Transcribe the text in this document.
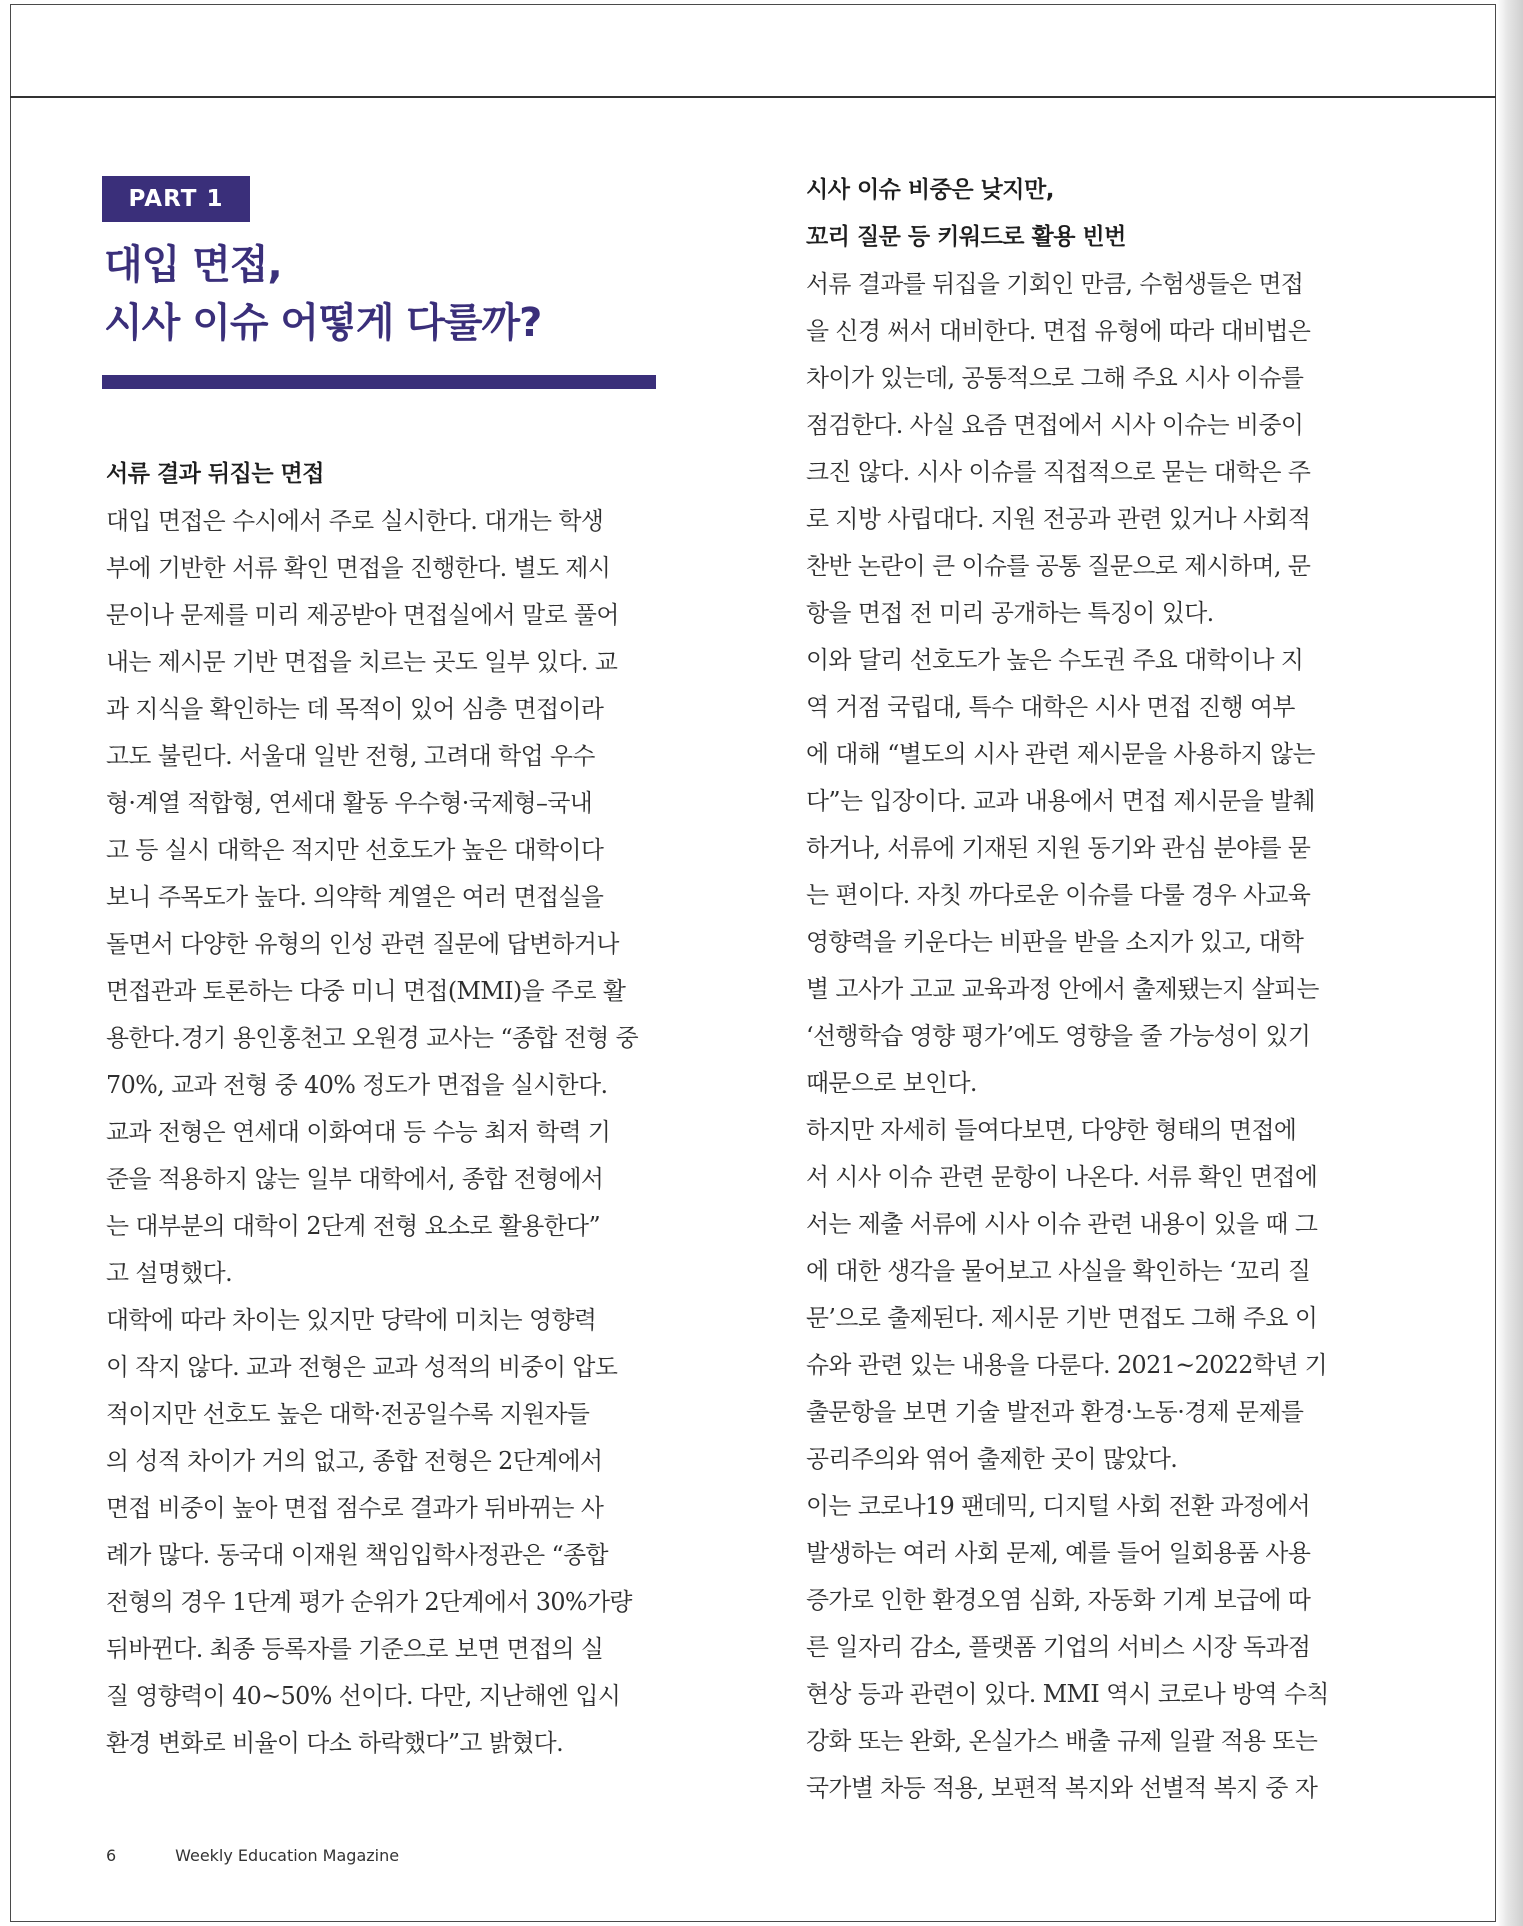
PART 1
대입 면접,
시사 이슈 어떻게 다룰까?
서류 결과 뒤집는 면접
대입 면접은 수시에서 주로 실시한다. 대개는 학생부에 기반한 서류 확인 면접을 진행한다. 별도 제시문이나 문제를 미리 제공받아 면접실에서 말로 풀어내는 제시문 기반 면접을 치르는 곳도 일부 있다. 교과 지식을 확인하는 데 목적이 있어 심층 면접이라고도 불린다. 서울대 일반 전형, 고려대 학업 우수형·계열 적합형, 연세대 활동 우수형·국제형–국내고 등 실시 대학은 적지만 선호도가 높은 대학이다보니 주목도가 높다. 의약학 계열은 여러 면접실을돌면서 다양한 유형의 인성 관련 질문에 답변하거나면접관과 토론하는 다중 미니 면접(MMI)을 주로 활용한다.경기 용인홍천고 오원경 교사는 “종합 전형 중70%, 교과 전형 중 40% 정도가 면접을 실시한다.교과 전형은 연세대 이화여대 등 수능 최저 학력 기준을 적용하지 않는 일부 대학에서, 종합 전형에서는 대부분의 대학이 2단계 전형 요소로 활용한다”고 설명했다.대학에 따라 차이는 있지만 당락에 미치는 영향력이 작지 않다. 교과 전형은 교과 성적의 비중이 압도적이지만 선호도 높은 대학·전공일수록 지원자들의 성적 차이가 거의 없고, 종합 전형은 2단계에서면접 비중이 높아 면접 점수로 결과가 뒤바뀌는 사례가 많다. 동국대 이재원 책임입학사정관은 “종합전형의 경우 1단계 평가 순위가 2단계에서 30%가량뒤바뀐다. 최종 등록자를 기준으로 보면 면접의 실질 영향력이 40~50% 선이다. 다만, 지난해엔 입시환경 변화로 비율이 다소 하락했다”고 밝혔다.
시사 이슈 비중은 낮지만,
꼬리 질문 등 키워드로 활용 빈번
서류 결과를 뒤집을 기회인 만큼, 수험생들은 면접을 신경 써서 대비한다. 면접 유형에 따라 대비법은차이가 있는데, 공통적으로 그해 주요 시사 이슈를점검한다. 사실 요즘 면접에서 시사 이슈는 비중이크진 않다. 시사 이슈를 직접적으로 묻는 대학은 주로 지방 사립대다. 지원 전공과 관련 있거나 사회적찬반 논란이 큰 이슈를 공통 질문으로 제시하며, 문항을 면접 전 미리 공개하는 특징이 있다.이와 달리 선호도가 높은 수도권 주요 대학이나 지역 거점 국립대, 특수 대학은 시사 면접 진행 여부에 대해 “별도의 시사 관련 제시문을 사용하지 않는다”는 입장이다. 교과 내용에서 면접 제시문을 발췌하거나, 서류에 기재된 지원 동기와 관심 분야를 묻는 편이다. 자칫 까다로운 이슈를 다룰 경우 사교육영향력을 키운다는 비판을 받을 소지가 있고, 대학별 고사가 고교 교육과정 안에서 출제됐는지 살피는‘선행학습 영향 평가’에도 영향을 줄 가능성이 있기때문으로 보인다.하지만 자세히 들여다보면, 다양한 형태의 면접에서 시사 이슈 관련 문항이 나온다. 서류 확인 면접에서는 제출 서류에 시사 이슈 관련 내용이 있을 때 그에 대한 생각을 물어보고 사실을 확인하는 ‘꼬리 질문’으로 출제된다. 제시문 기반 면접도 그해 주요 이슈와 관련 있는 내용을 다룬다. 2021~2022학년 기출문항을 보면 기술 발전과 환경·노동·경제 문제를공리주의와 엮어 출제한 곳이 많았다.이는 코로나19 팬데믹, 디지털 사회 전환 과정에서발생하는 여러 사회 문제, 예를 들어 일회용품 사용증가로 인한 환경오염 심화, 자동화 기계 보급에 따른 일자리 감소, 플랫폼 기업의 서비스 시장 독과점현상 등과 관련이 있다. MMI 역시 코로나 방역 수칙강화 또는 완화, 온실가스 배출 규제 일괄 적용 또는국가별 차등 적용, 보편적 복지와 선별적 복지 중 자
6	Weekly Education Magazine
